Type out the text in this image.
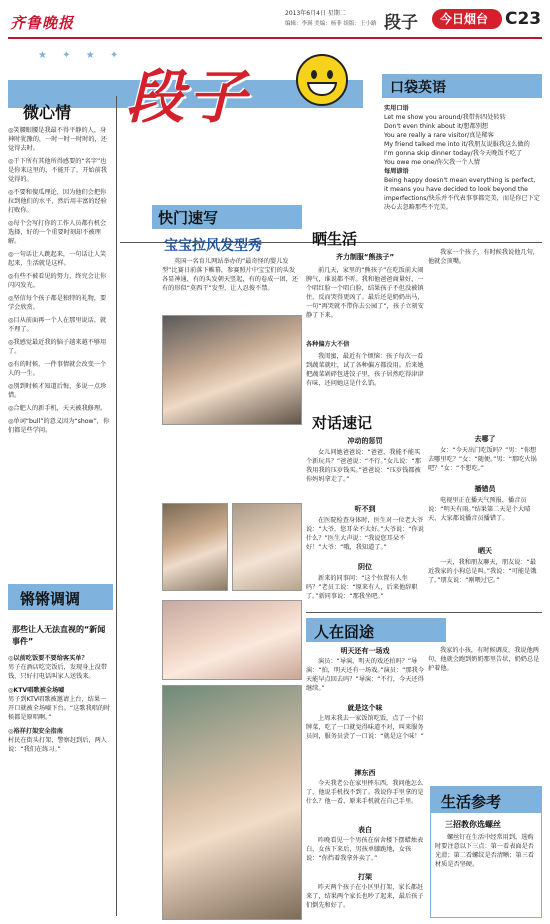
齐鲁晚报
2013年6月4日 星期二
编辑：李瑛 美编：杨菲 组版：王小路 段子 今日烟台 C23
★ ✦ ★ ✦
段子
微心情
◎笑腰眼腰是我最不得平静的人，身神时犹豫的，一时一时一时时的，还觉得去时。
◎干下所有其他所得感要的“名字”也是你来这里的，不能开了，开始前我觉得的。
◎不要和傻瓜理论，因为他们会把你拉到他们的水平，然后用丰富的经验打败你。
◎每个会写打你的工作人员都有机会选择，好的一个重要时刻却不被理解。
◎一句话让人跳起来，一句话让人笑起来，生活就是这样。
◎有些不被看见的努力，终究会让你闪闪发光。
◎坚信每个孩子都是独特的礼物，要学会欣赏。
◎目从前面再一个人在那里说话，就不理了。
◎我感觉最近我的脑子越来越不够用了。
◎有的时候，一件事情就会改变一个人的一生。
◎别到时候才知道后悔，多说一点珍惜。
◎合肥人的新手机，天天被我修理。
◎单词“bull”的意义因为“show”，你们都是些学问。
锵锵调调
那些让人无法直视的“新闻事件”
◎以前吃饭要不要给客买单？
男子在酒店吃完饭后，发现身上没带钱，只好打电话叫家人送钱来。
◎KTV唱歌被全场嘘
男子到KTV唱歌被邀请上台，结果一开口就被全场嘘下台。“这歌我唱的时候都是原唱啊。”
◎裕祥打架安全指南
村民在街头打架，警察赶到后，两人说：“我们在练习。”
口袋英语
实用口语
Let me show you around/我带你四处转转
Don't even think about it/想都别想
You are really a rare visitor/真是稀客
My friend talked me into it/我朋友说服我这么做的
I'm gonna skip dinner today/我今天晚饭不吃了
You owe me one/你欠我一个人情
每周谚语
Being happy doesn't mean everything is perfect, it means you have decided to look beyond the imperfections/快乐并不代表事事都完美，而是你已下定决心去忽略那些不完美。
快门速写
宝宝拉风发型秀
英国一名育儿网站举办的“最奇怪的婴儿发型”比赛日前落下帷幕，参赛照片中宝宝们的头发各显神通，有的头发朝天竖起，有的卷成一团，还有的形似“莫西干”发型，让人忍俊不禁。
晒生活
齐力制服“熊孩子”
前几天，家里的“熊孩子”在吃饭前大闹脾气，谁说都不听。我和他爸爸商量好，一个唱红脸一个唱白脸，结果孩子不但没被镇住，反而哭得更凶了。最后还是奶奶出马，一句“再哭就不带你去公园了”，孩子立刻安静了下来。
各种偏方大不信
我闺蜜，最近有个烦恼：孩子每次一看到蔬菜就吐，试了各种偏方都没用。后来她把蔬菜剁碎包进饺子里，孩子居然吃得津津有味，还问她这是什么馅。
对话速记
冲动的惩罚
女儿问她爸爸说：“爸爸，我能不能买个新玩具？”爸爸说：“不行。”女儿说：“那我用我的压岁钱买。”爸爸说：“压岁钱都被你妈妈拿走了。”
听不到
在医院检查身体时，医生对一位老大爷说：“大爷，您耳朵不太好。”大爷说：“你说什么？”医生大声说：“我说您耳朵不好！”大爷：“哦，我知道了。”
阴位
新来的同事问：“这个位置有人坐吗？”老员工说：“原来有人，后来他辞职了。”新同事说：“那我坐吧。”
我家一个孩子，有时候我说他几句，他就会顶嘴。
去哪了
女：“今天出门吃饭吗？”男：“你想去哪里吃？”女：“随便。”男：“那吃火锅吧？”女：“不想吃。”
播错员
电视里正在播天气预报，播音员说：“明天有雨。”结果第二天是个大晴天，大家都说播音员播错了。
晒天
一天，我和朋友聊天，朋友说：“最近我家的小狗总是叫。”我说：“可能是饿了。”朋友说：“刚喂过它。”
人在囧途
明天还有一场戏
演员：“导演，明天的戏还拍吗？”导演：“拍，明天还有一场戏。”演员：“那我今天能早点回去吗？”导演：“不行，今天还得继续。”
就是这个味
上周末我去一家饭馆吃饭，点了一个招牌菜，吃了一口就觉得味道不对，叫来服务员问，服务员尝了一口说：“就是这个味！”
摔东西
今天我老公在家里摔东西，我问他怎么了，他说手机找不到了。我说你手里拿的是什么？他一看，原来手机就在自己手里。
表白
昨晚看见一个男孩在宿舍楼下摆蜡烛表白，女孩下来后，男孩单膝跪地，女孩说：“你挡着我拿外卖了。”
打架
昨天两个孩子在小区里打架，家长都赶来了，结果两个家长也吵了起来，最后孩子们倒先和好了。
我家的小孩，有时候调皮，我说他两句，他就会跑到奶奶那里告状，奶奶总是护着他。
生活参考
三招教你选螺丝
螺丝钉在生活中经常用到，选购时要注意以下三点：第一看表面是否光滑；第二看螺纹是否清晰；第三看材质是否坚硬。
